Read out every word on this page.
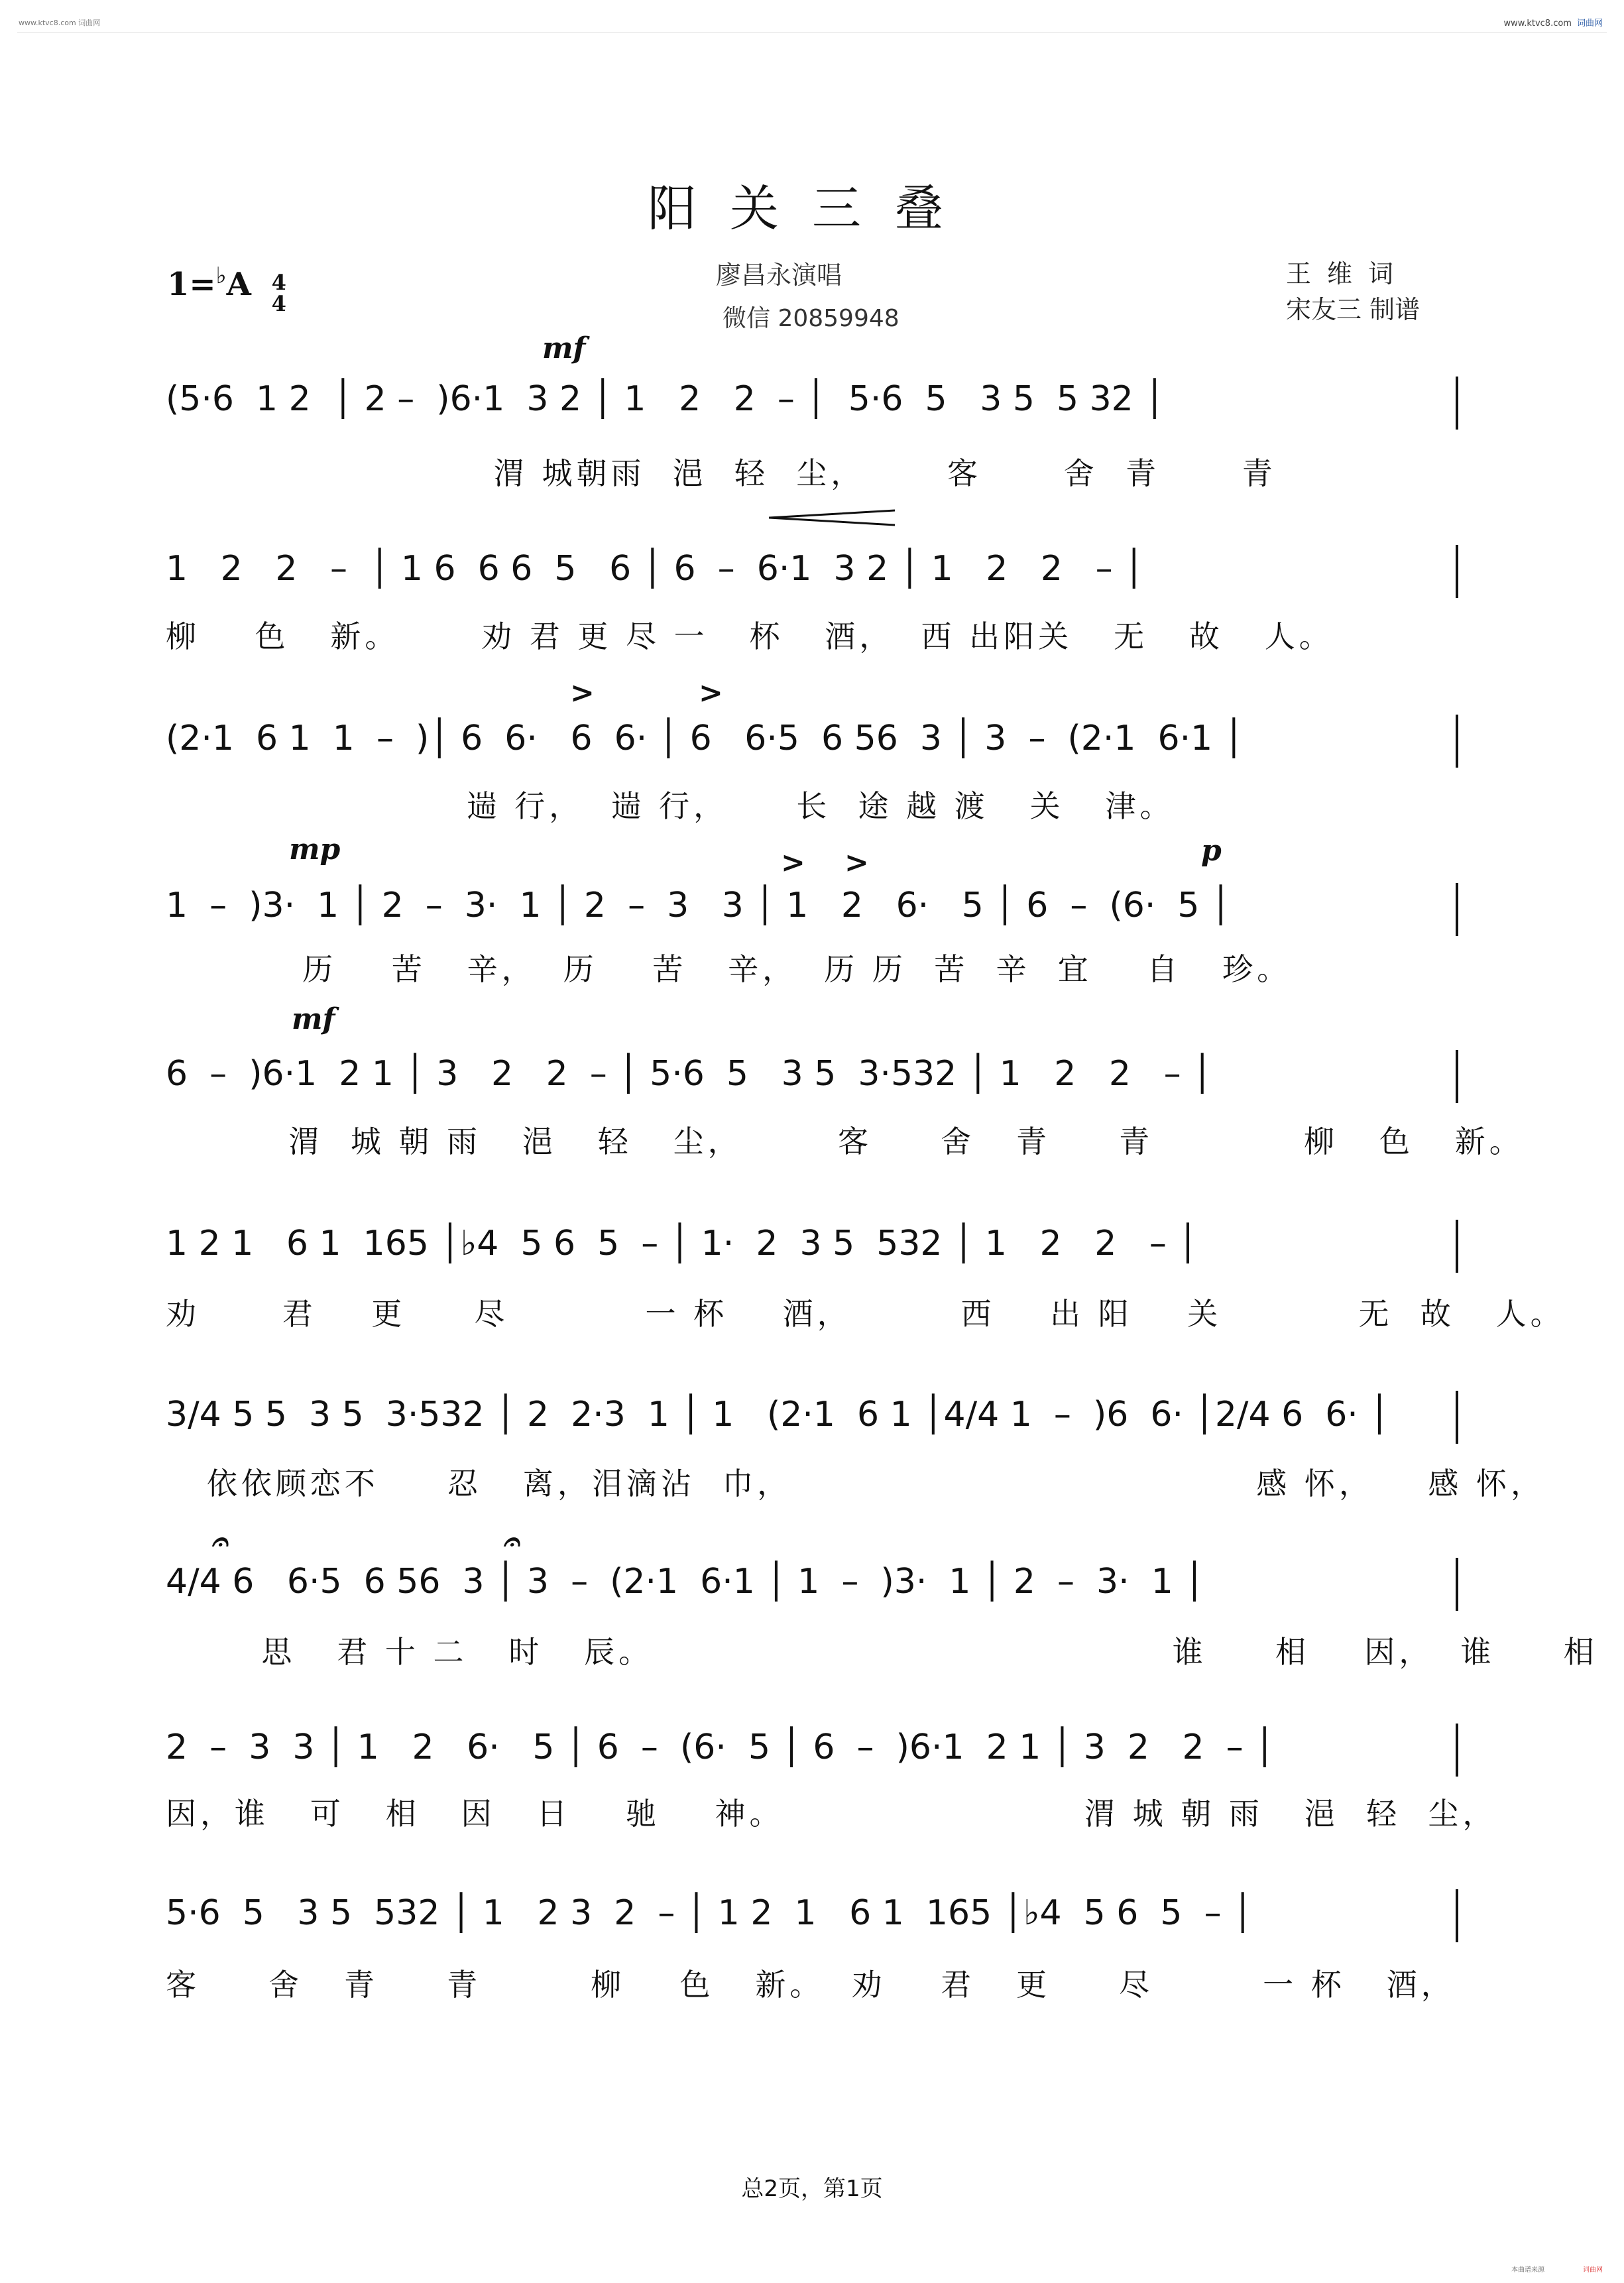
www.ktvc8.com 词曲网	www.ktvc8.com 词曲网
阳关三叠
1=♭A 4
4
廖昌永演唱
微信 20859948
王维词
宋友三 制谱
mf
>	>
mp	> >	p
mf
𝄐	𝄐
(5·6  1 2  │ 2 –  )6·1  3 2 │ 1   2   2  – │  5·6  5   3 5  5 32 │
渭 城朝雨  浥  轻  尘，      客      舍  青      青
1   2   2   –  │ 1 6  6 6  5   6 │ 6  –  6·1  3 2 │ 1   2   2   – │
柳    色   新。      劝 君 更 尽 一   杯   酒，  西 出阳关   无   故   人。
(2·1  6 1  1  –  )│ 6  6·   6  6· │ 6   6·5  6 56  3 │ 3  –  (2·1  6·1 │
遄 行，  遄 行，     长  途 越 渡   关   津。
1  –  )3·  1 │ 2  –  3·  1 │ 2  –  3   3 │ 1   2   6·   5 │ 6  –  (6·  5 │
历    苦   辛，  历    苦   辛，  历 历  苦  辛  宜    自   珍。
6  –  )6·1  2 1 │ 3   2   2  – │ 5·6  5   3 5  3·532 │ 1   2   2   – │
渭  城 朝 雨   浥   轻   尘，       客     舍   青     青           柳   色   新。
1 2 1   6 1  165 │♭4  5 6  5  – │ 1·  2  3 5  532 │ 1   2   2   – │
劝      君    更     尽          一 杯    酒，        西    出 阳    关          无  故   人。
3/4 5 5  3 5  3·532 │ 2  2·3  1 │ 1   (2·1  6 1 │4/4 1  –  )6  6· │2/4 6  6· │
依依顾恋不     忍   离，泪滴沾  巾，                                  感 怀，    感 怀，
4/4 6   6·5  6 56  3 │ 3  –  (2·1  6·1 │ 1  –  )3·  1 │ 2  –  3·  1 │
思   君 十 二   时   辰。                                      谁     相    因，  谁     相
2  –  3  3 │ 1   2   6·   5 │ 6  –  (6·  5 │ 6  –  )6·1  2 1 │ 3  2   2  – │
因，谁   可   相   因   日    驰    神。                      渭 城 朝 雨   浥  轻  尘，
5·6  5   3 5  532 │ 1   2 3  2  – │ 1 2  1   6 1  165 │♭4  5 6  5  – │
客     舍   青     青        柳    色   新。  劝    君   更     尽        一 杯   酒，
总2页，第1页
本曲谱来源	词曲网
